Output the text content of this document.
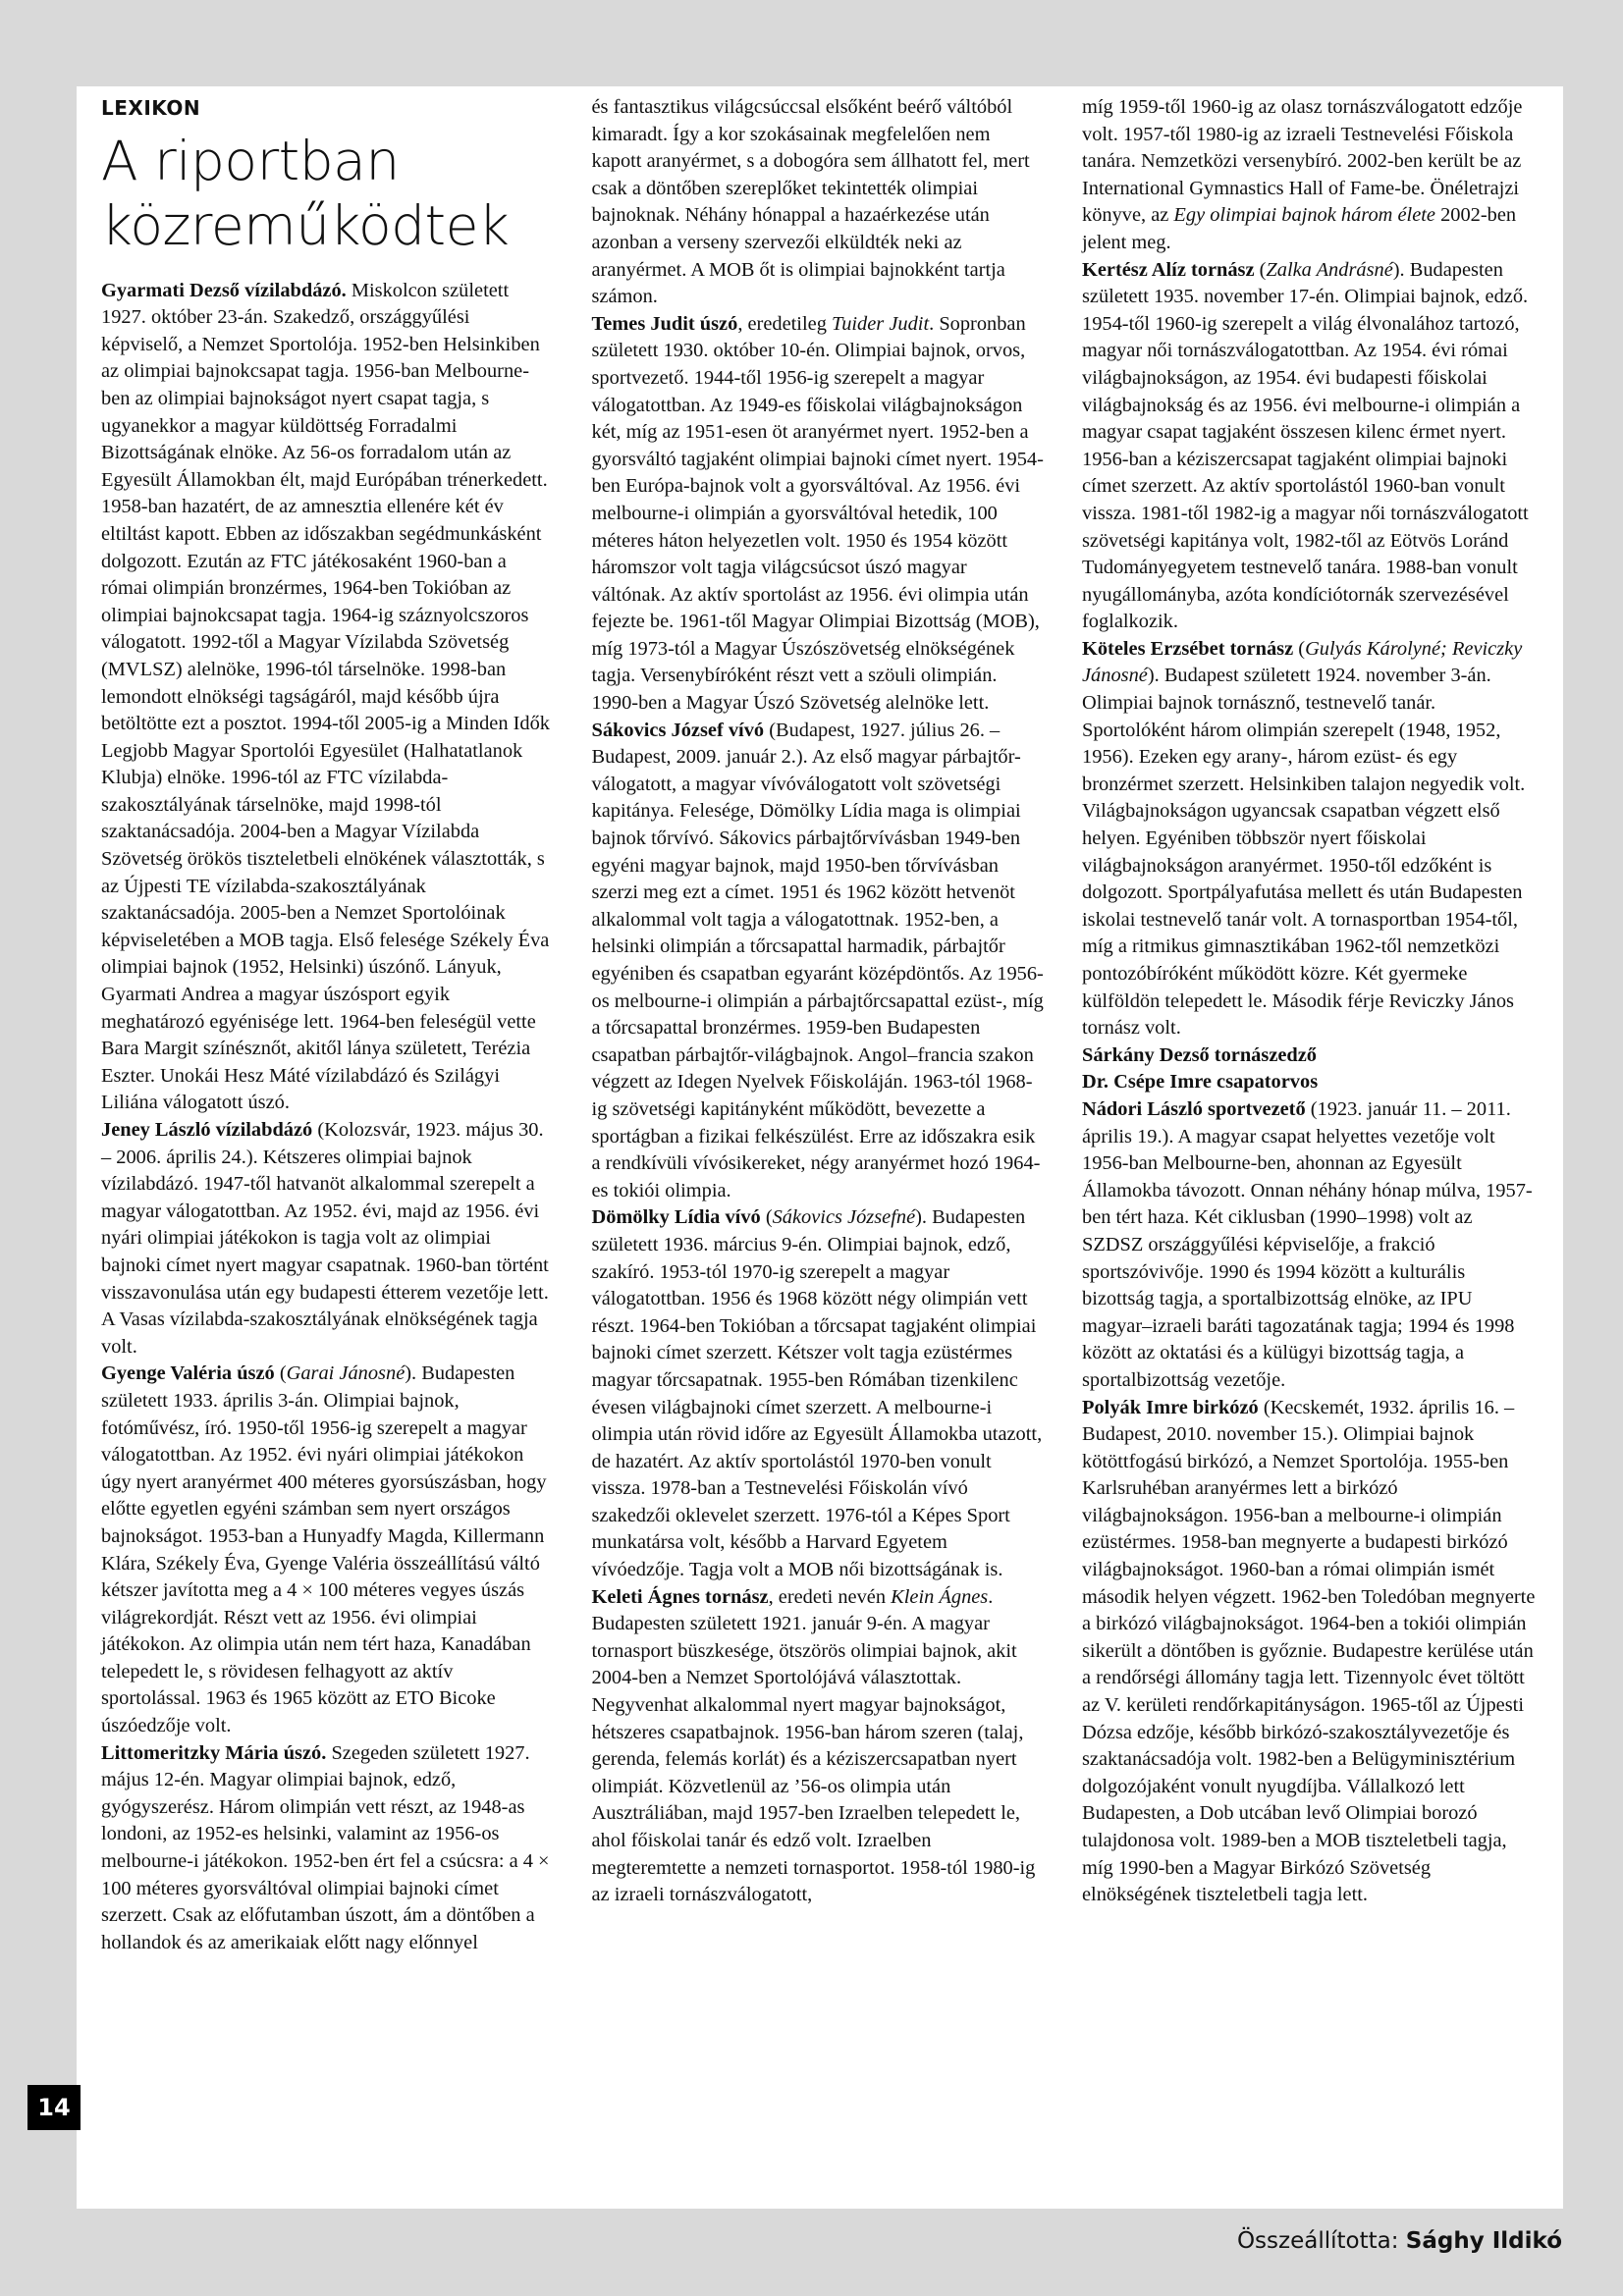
LEXIKON
A riportban
közreműködtek

Gyarmati Dezső vízilabdázó. Miskolcon született 1927. október 23-án. Szakedző, országgyűlési képviselő, a Nemzet Sportolója. 1952-ben Helsinkiben az olimpiai bajnokcsapat tagja. 1956-ban Melbourne-ben az olimpiai bajnokságot nyert csapat tagja, s ugyanekkor a magyar küldöttség Forradalmi Bizottságának elnöke. Az 56-os forradalom után az Egyesült Államokban élt, majd Európában trénerkedett. 1958-ban hazatért, de az amnesztia ellenére két év eltiltást kapott. Ebben az időszakban segédmunkásként dolgozott. Ezután az FTC játékosaként 1960-ban a római olimpián bronzérmes, 1964-ben Tokióban az olimpiai bajnokcsapat tagja. 1964-ig száznyolcszoros válogatott. 1992-től a Magyar Vízilabda Szövetség (MVLSZ) alelnöke, 1996-tól társelnöke. 1998-ban lemondott elnökségi tagságáról, majd később újra betöltötte ezt a posztot. 1994-től 2005-ig a Minden Idők Legjobb Magyar Sportolói Egyesület (Halhatatlanok Klubja) elnöke. 1996-tól az FTC vízilabda-szakosztályának társelnöke, majd 1998-tól szaktanácsadója. 2004-ben a Magyar Vízilabda Szövetség örökös tiszteletbeli elnökének választották, s az Újpesti TE vízilabda-szakosztályának szaktanácsadója. 2005-ben a Nemzet Sportolóinak képviseletében a MOB tagja. Első felesége Székely Éva olimpiai bajnok (1952, Helsinki) úszónő. Lányuk, Gyarmati Andrea a magyar úszósport egyik meghatározó egyénisége lett. 1964-ben feleségül vette Bara Margit színésznőt, akitől lánya született, Terézia Eszter. Unokái Hesz Máté vízilabdázó és Szilágyi Liliána válogatott úszó.

Jeney László vízilabdázó (Kolozsvár, 1923. május 30. – 2006. április 24.). Kétszeres olimpiai bajnok vízilabdázó. 1947-től hatvanöt alkalommal szerepelt a magyar válogatottban. Az 1952. évi, majd az 1956. évi nyári olimpiai játékokon is tagja volt az olimpiai bajnoki címet nyert magyar csapatnak. 1960-ban történt visszavonulása után egy budapesti étterem vezetője lett. A Vasas vízilabda-szakosztályának elnökségének tagja volt.

Gyenge Valéria úszó (Garai Jánosné). Budapesten született 1933. április 3-án. Olimpiai bajnok, fotóművész, író. 1950-től 1956-ig szerepelt a magyar válogatottban. Az 1952. évi nyári olimpiai játékokon úgy nyert aranyérmet 400 méteres gyorsúszásban, hogy előtte egyetlen egyéni számban sem nyert országos bajnokságot. 1953-ban a Hunyadfy Magda, Killermann Klára, Székely Éva, Gyenge Valéria összeállítású váltó kétszer javította meg a 4 × 100 méteres vegyes úszás világrekordját. Részt vett az 1956. évi olimpiai játékokon. Az olimpia után nem tért haza, Kanadában telepedett le, s rövidesen felhagyott az aktív sportolással. 1963 és 1965 között az ETO Bicoke úszóedzője volt.

Littomeritzky Mária úszó. Szegeden született 1927. május 12-én. Magyar olimpiai bajnok, edző, gyógyszerész. Három olimpián vett részt, az 1948-as londoni, az 1952-es helsinki, valamint az 1956-os melbourne-i játékokon. 1952-ben ért fel a csúcsra: a 4 × 100 méteres gyorsváltóval olimpiai bajnoki címet szerzett. Csak az előfutamban úszott, ám a döntőben a hollandok és az amerikaiak előtt nagy előnnyel

és fantasztikus világcsúccsal elsőként beérő váltóból kimaradt. Így a kor szokásainak megfelelően nem kapott aranyérmet, s a dobogóra sem állhatott fel, mert csak a döntőben szereplőket tekintették olimpiai bajnoknak. Néhány hónappal a hazaérkezése után azonban a verseny szervezői elküldték neki az aranyérmet. A MOB őt is olimpiai bajnokként tartja számon.

Temes Judit úszó, eredetileg Tuider Judit. Sopronban született 1930. október 10-én. Olimpiai bajnok, orvos, sportvezető. 1944-től 1956-ig szerepelt a magyar válogatottban. Az 1949-es főiskolai világbajnokságon két, míg az 1951-esen öt aranyérmet nyert. 1952-ben a gyorsváltó tagjaként olimpiai bajnoki címet nyert. 1954-ben Európa-bajnok volt a gyorsváltóval. Az 1956. évi melbourne-i olimpián a gyorsváltóval hetedik, 100 méteres háton helyezetlen volt. 1950 és 1954 között háromszor volt tagja világcsúcsot úszó magyar váltónak. Az aktív sportolást az 1956. évi olimpia után fejezte be. 1961-től Magyar Olimpiai Bizottság (MOB), míg 1973-tól a Magyar Úszószövetség elnökségének tagja. Versenybíróként részt vett a szöuli olimpián. 1990-ben a Magyar Úszó Szövetség alelnöke lett.

Sákovics József vívó (Budapest, 1927. július 26. – Budapest, 2009. január 2.). Az első magyar párbajtőr-válogatott, a magyar vívóválogatott volt szövetségi kapitánya. Felesége, Dömölky Lídia maga is olimpiai bajnok tőrvívó. Sákovics párbajtőrvívásban 1949-ben egyéni magyar bajnok, majd 1950-ben tőrvívásban szerzi meg ezt a címet. 1951 és 1962 között hetvenöt alkalommal volt tagja a válogatottnak. 1952-ben, a helsinki olimpián a tőrcsapattal harmadik, párbajtőr egyéniben és csapatban egyaránt középdöntős. Az 1956-os melbourne-i olimpián a párbajtőrcsapattal ezüst-, míg a tőrcsapattal bronzérmes. 1959-ben Budapesten csapatban párbajtőr-világbajnok. Angol–francia szakon végzett az Idegen Nyelvek Főiskoláján. 1963-tól 1968-ig szövetségi kapitányként működött, bevezette a sportágban a fizikai felkészülést. Erre az időszakra esik a rendkívüli vívósikereket, négy aranyérmet hozó 1964-es tokiói olimpia.

Dömölky Lídia vívó (Sákovics Józsefné). Budapesten született 1936. március 9-én. Olimpiai bajnok, edző, szakíró. 1953-tól 1970-ig szerepelt a magyar válogatottban. 1956 és 1968 között négy olimpián vett részt. 1964-ben Tokióban a tőrcsapat tagjaként olimpiai bajnoki címet szerzett. Kétszer volt tagja ezüstérmes magyar tőrcsapatnak. 1955-ben Rómában tizenkilenc évesen világbajnoki címet szerzett. A melbourne-i olimpia után rövid időre az Egyesült Államokba utazott, de hazatért. Az aktív sportolástól 1970-ben vonult vissza. 1978-ban a Testnevelési Főiskolán vívó szakedzői oklevelet szerzett. 1976-tól a Képes Sport munkatársa volt, később a Harvard Egyetem vívóedzője. Tagja volt a MOB női bizottságának is.

Keleti Ágnes tornász, eredeti nevén Klein Ágnes. Budapesten született 1921. január 9-én. A magyar tornasport büszkesége, ötszörös olimpiai bajnok, akit 2004-ben a Nemzet Sportolójává választottak. Negyvenhat alkalommal nyert magyar bajnokságot, hétszeres csapatbajnok. 1956-ban három szeren (talaj, gerenda, felemás korlát) és a kéziszercsapatban nyert olimpiát. Közvetlenül az ’56-os olimpia után Ausztráliában, majd 1957-ben Izraelben telepedett le, ahol főiskolai tanár és edző volt. Izraelben megteremtette a nemzeti tornasportot. 1958-tól 1980-ig az izraeli tornászválogatott,

míg 1959-től 1960-ig az olasz tornászválogatott edzője volt. 1957-től 1980-ig az izraeli Testnevelési Főiskola tanára. Nemzetközi versenybíró. 2002-ben került be az International Gymnastics Hall of Fame-be. Önéletrajzi könyve, az Egy olimpiai bajnok három élete 2002-ben jelent meg.

Kertész Alíz tornász (Zalka Andrásné). Budapesten született 1935. november 17-én. Olimpiai bajnok, edző. 1954-től 1960-ig szerepelt a világ élvonalához tartozó, magyar női tornászválogatottban. Az 1954. évi római világbajnokságon, az 1954. évi budapesti főiskolai világbajnokság és az 1956. évi melbourne-i olimpián a magyar csapat tagjaként összesen kilenc érmet nyert. 1956-ban a kéziszercsapat tagjaként olimpiai bajnoki címet szerzett. Az aktív sportolástól 1960-ban vonult vissza. 1981-től 1982-ig a magyar női tornászválogatott szövetségi kapitánya volt, 1982-től az Eötvös Loránd Tudományegyetem testnevelő tanára. 1988-ban vonult nyugállományba, azóta kondíciótornák szervezésével foglalkozik.

Köteles Erzsébet tornász (Gulyás Károlyné; Reviczky Jánosné). Budapest született 1924. november 3-án. Olimpiai bajnok tornásznő, testnevelő tanár. Sportolóként három olimpián szerepelt (1948, 1952, 1956). Ezeken egy arany-, három ezüst- és egy bronzérmet szerzett. Helsinkiben talajon negyedik volt. Világbajnokságon ugyancsak csapatban végzett első helyen. Egyéniben többször nyert főiskolai világbajnokságon aranyérmet. 1950-től edzőként is dolgozott. Sportpályafutása mellett és után Budapesten iskolai testnevelő tanár volt. A tornasportban 1954-től, míg a ritmikus gimnasztikában 1962-től nemzetközi pontozóbíróként működött közre. Két gyermeke külföldön telepedett le. Második férje Reviczky János tornász volt.

Sárkány Dezső tornászedző

Dr. Csépe Imre csapatorvos

Nádori László sportvezető (1923. január 11. – 2011. április 19.). A magyar csapat helyettes vezetője volt 1956-ban Melbourne-ben, ahonnan az Egyesült Államokba távozott. Onnan néhány hónap múlva, 1957-ben tért haza. Két ciklusban (1990–1998) volt az SZDSZ országgyűlési képviselője, a frakció sportszóvivője. 1990 és 1994 között a kulturális bizottság tagja, a sportalbizottság elnöke, az IPU magyar–izraeli baráti tagozatának tagja; 1994 és 1998 között az oktatási és a külügyi bizottság tagja, a sportalbizottság vezetője.

Polyák Imre birkózó (Kecskemét, 1932. április 16. – Budapest, 2010. november 15.). Olimpiai bajnok kötöttfogású birkózó, a Nemzet Sportolója. 1955-ben Karlsruhéban aranyérmes lett a birkózó világbajnokságon. 1956-ban a melbourne-i olimpián ezüstérmes. 1958-ban megnyerte a budapesti birkózó világbajnokságot. 1960-ban a római olimpián ismét második helyen végzett. 1962-ben Toledóban megnyerte a birkózó világbajnokságot. 1964-ben a tokiói olimpián sikerült a döntőben is győznie. Budapestre kerülése után a rendőrségi állomány tagja lett. Tizennyolc évet töltött az V. kerületi rendőrkapitányságon. 1965-től az Újpesti Dózsa edzője, később birkózó-szakosztályvezetője és szaktanácsadója volt. 1982-ben a Belügyminisztérium dolgozójaként vonult nyugdíjba. Vállalkozó lett Budapesten, a Dob utcában levő Olimpiai borozó tulajdonosa volt. 1989-ben a MOB tiszteletbeli tagja, míg 1990-ben a Magyar Birkózó Szövetség elnökségének tiszteletbeli tagja lett.

14
Összeállította: Sághy Ildikó
